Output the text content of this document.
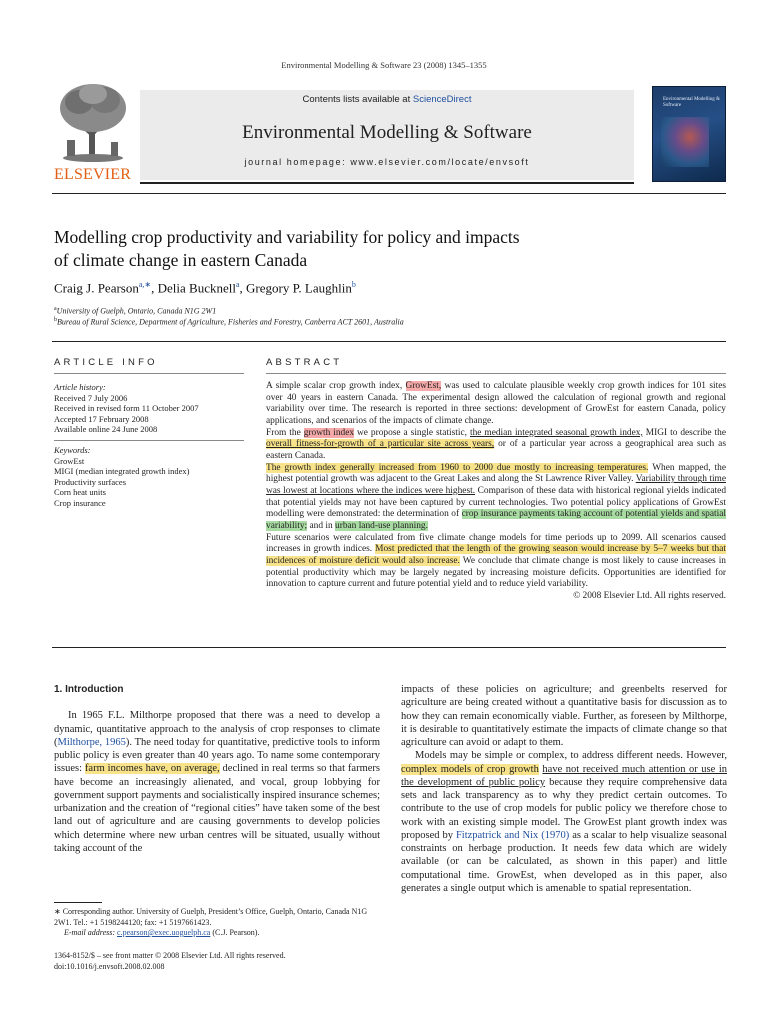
Environmental Modelling & Software 23 (2008) 1345–1355
ELSEVIER
Contents lists available at ScienceDirect
Environmental Modelling & Software
journal homepage: www.elsevier.com/locate/envsoft
Environmental Modelling & Software
Modelling crop productivity and variability for policy and impacts
of climate change in eastern Canada
Craig J. Pearson$^{a,∗}$, Delia Bucknell$^a$, Gregory P. Laughlin$^b$
$^a$University of Guelph, Ontario, Canada N1G 2W1
$^b$Bureau of Rural Science, Department of Agriculture, Fisheries and Forestry, Canberra ACT 2601, Australia
ARTICLE INFO	ABSTRACT
Article history:
Received 7 July 2006
Received in revised form 11 October 2007
Accepted 17 February 2008
Available online 24 June 2008
Keywords:
GrowEst
MIGI (median integrated growth index)
Productivity surfaces
Corn heat units
Crop insurance

A simple scalar crop growth index, GrowEst, was used to calculate plausible weekly crop growth indices for 101 sites over 40 years in eastern Canada. The experimental design allowed the calculation of regional growth and regional variability over time. The research is reported in three sections: development of GrowEst for eastern Canada, policy applications, and scenarios of the impacts of climate change.

From the growth index we propose a single statistic, the median integrated seasonal growth index, MIGI to describe the overall fitness-for-growth of a particular site across years, or of a particular year across a geographical area such as eastern Canada.

The growth index generally increased from 1960 to 2000 due mostly to increasing temperatures. When mapped, the highest potential growth was adjacent to the Great Lakes and along the St Lawrence River Valley. Variability through time was lowest at locations where the indices were highest. Comparison of these data with historical regional yields indicated that potential yields may not have been captured by current technologies. Two potential policy applications of GrowEst modelling were demonstrated: the determination of crop insurance payments taking account of potential yields and spatial variability; and in urban land-use planning.

Future scenarios were calculated from five climate change models for time periods up to 2099. All scenarios caused increases in growth indices. Most predicted that the length of the growing season would increase by 5–7 weeks but that incidences of moisture deficit would also increase. We conclude that climate change is most likely to cause increases in potential productivity which may be largely negated by increasing moisture deficits. Opportunities are identified for innovation to capture current and future potential yield and to reduce yield variability.

© 2008 Elsevier Ltd. All rights reserved.

1. Introduction

In 1965 F.L. Milthorpe proposed that there was a need to develop a dynamic, quantitative approach to the analysis of crop responses to climate (Milthorpe, 1965). The need today for quantitative, predictive tools to inform public policy is even greater than 40 years ago. To name some contemporary issues: farm incomes have, on average, declined in real terms so that farmers have become an increasingly alienated, and vocal, group lobbying for government support payments and socialistically inspired insurance schemes; urbanization and the creation of “regional cities” have taken some of the best land out of agriculture and are causing governments to develop policies which determine where new urban centres will be situated, usually without taking account of the

impacts of these policies on agriculture; and greenbelts reserved for agriculture are being created without a quantitative basis for discussion as to how they can remain economically viable. Further, as foreseen by Milthorpe, it is desirable to quantitatively estimate the impacts of climate change so that agriculture can avoid or adapt to them.

Models may be simple or complex, to address different needs. However, complex models of crop growth have not received much attention or use in the development of public policy because they require comprehensive data sets and lack transparency as to why they predict certain outcomes. To contribute to the use of crop models for public policy we therefore chose to work with an existing simple model. The GrowEst plant growth index was proposed by Fitzpatrick and Nix (1970) as a scalar to help visualize seasonal constraints on herbage production. It needs few data which are widely available (or can be calculated, as shown in this paper) and little computational time. GrowEst, when developed as in this paper, also generates a single output which is amenable to spatial representation.

∗ Corresponding author. University of Guelph, President’s Office, Guelph, Ontario, Canada N1G 2W1. Tel.: +1 5198244120; fax: +1 5197661423.
E-mail address: c.pearson@exec.uoguelph.ca (C.J. Pearson).
1364-8152/$ – see front matter © 2008 Elsevier Ltd. All rights reserved.
doi:10.1016/j.envsoft.2008.02.008
